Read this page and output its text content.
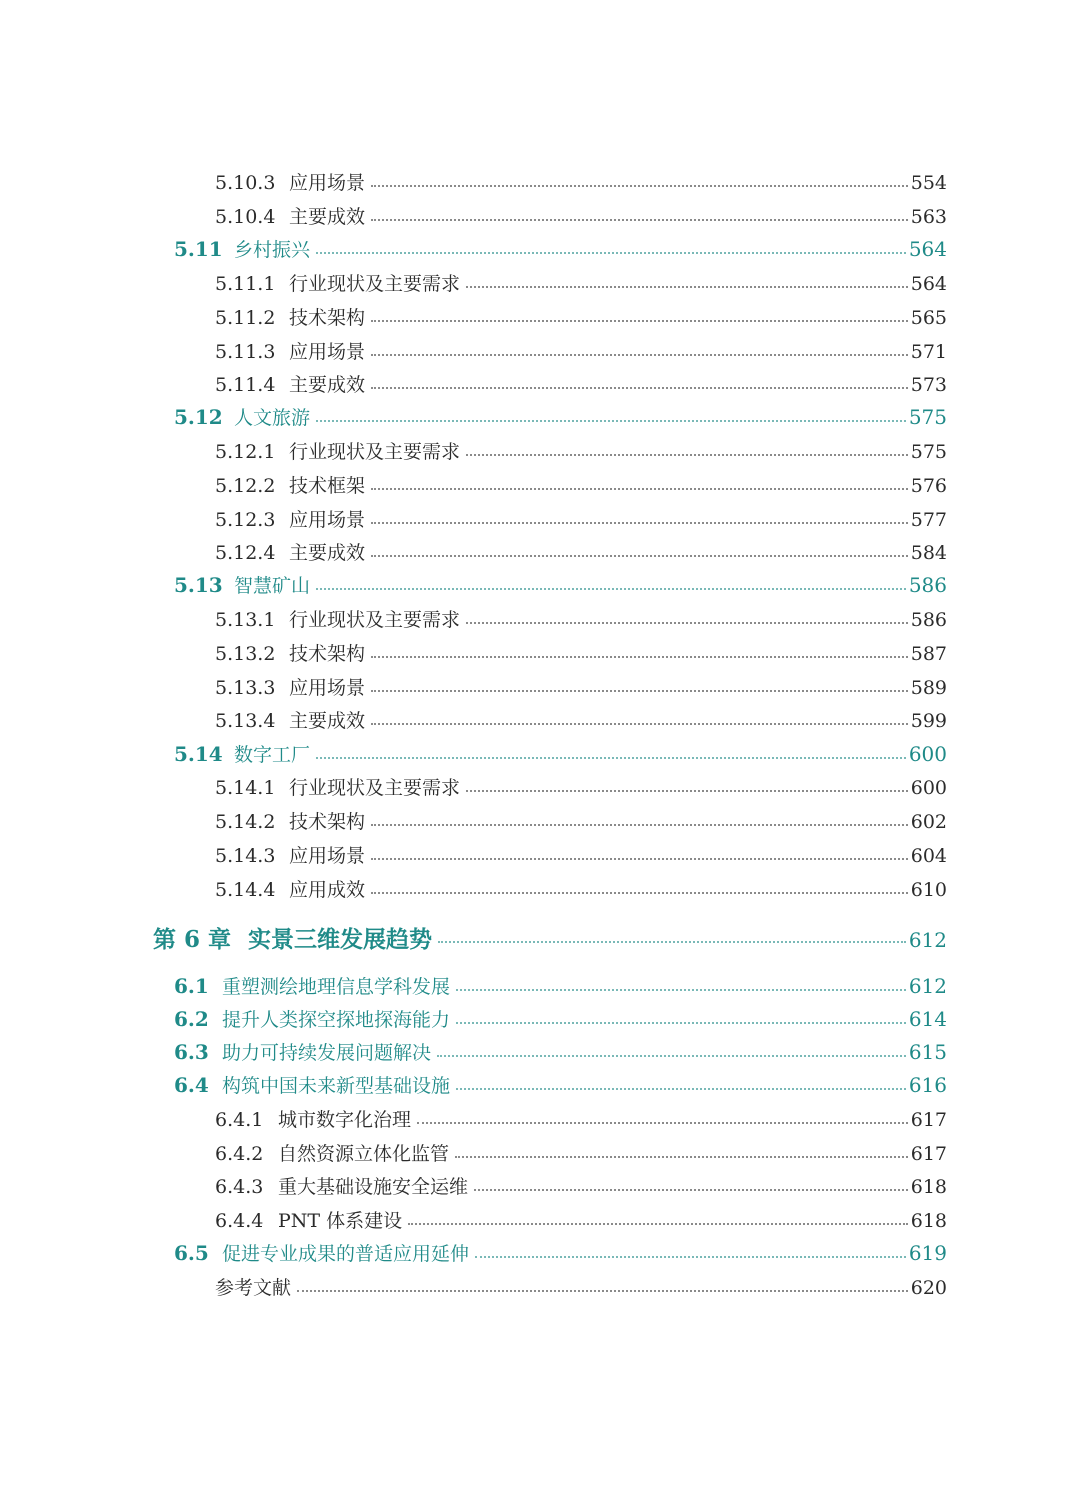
5.10.3 应用场景	554
5.10.4 主要成效	563
5.11 乡村振兴	564
5.11.1 行业现状及主要需求	564
5.11.2 技术架构	565
5.11.3 应用场景	571
5.11.4 主要成效	573
5.12 人文旅游	575
5.12.1 行业现状及主要需求	575
5.12.2 技术框架	576
5.12.3 应用场景	577
5.12.4 主要成效	584
5.13 智慧矿山	586
5.13.1 行业现状及主要需求	586
5.13.2 技术架构	587
5.13.3 应用场景	589
5.13.4 主要成效	599
5.14 数字工厂	600
5.14.1 行业现状及主要需求	600
5.14.2 技术架构	602
5.14.3 应用场景	604
5.14.4 应用成效	610
第 6 章 实景三维发展趋势	612
6.1 重塑测绘地理信息学科发展	612
6.2 提升人类探空探地探海能力	614
6.3 助力可持续发展问题解决	615
6.4 构筑中国未来新型基础设施	616
6.4.1 城市数字化治理	617
6.4.2 自然资源立体化监管	617
6.4.3 重大基础设施安全运维	618
6.4.4 PNT 体系建设	618
6.5 促进专业成果的普适应用延伸	619
参考文献	620
